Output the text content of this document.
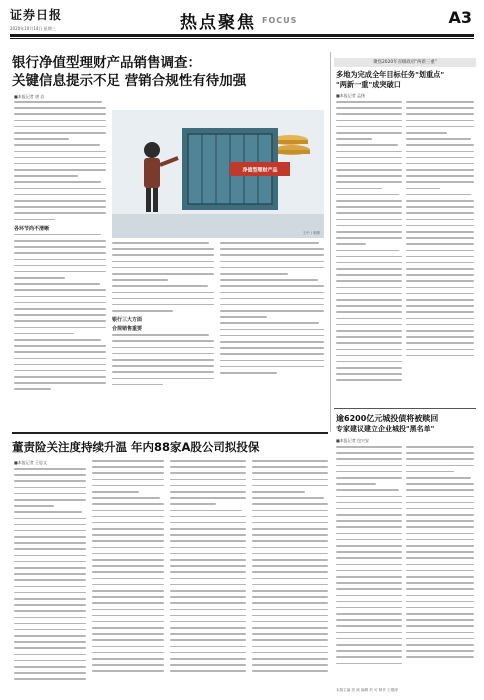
证券日报
2020年10月14日 星期三	热点聚焦 FOCUS	A3
银行净值型理财产品销售调查：
关键信息提示不足 营销合规性有待加强
■本报记者 唐 岩
各环节尚不清晰
净值型理财产品
王中 / 制图
银行三大方面
合规销售重要
聚焦2020年省级政府"两新三重"
多地为完成全年目标任务"划重点"
"两新一重"成突破口
■本报记者 孟扬
逾6200亿元城投债将被赎回
专家建议建立企业城投"黑名单"
■本报记者 包兴安
董责险关注度持续升温 年内88家A股公司拟投保
■本报记者 王思文
本版主编 张 威 编辑 於 可 制作 王敬涛
